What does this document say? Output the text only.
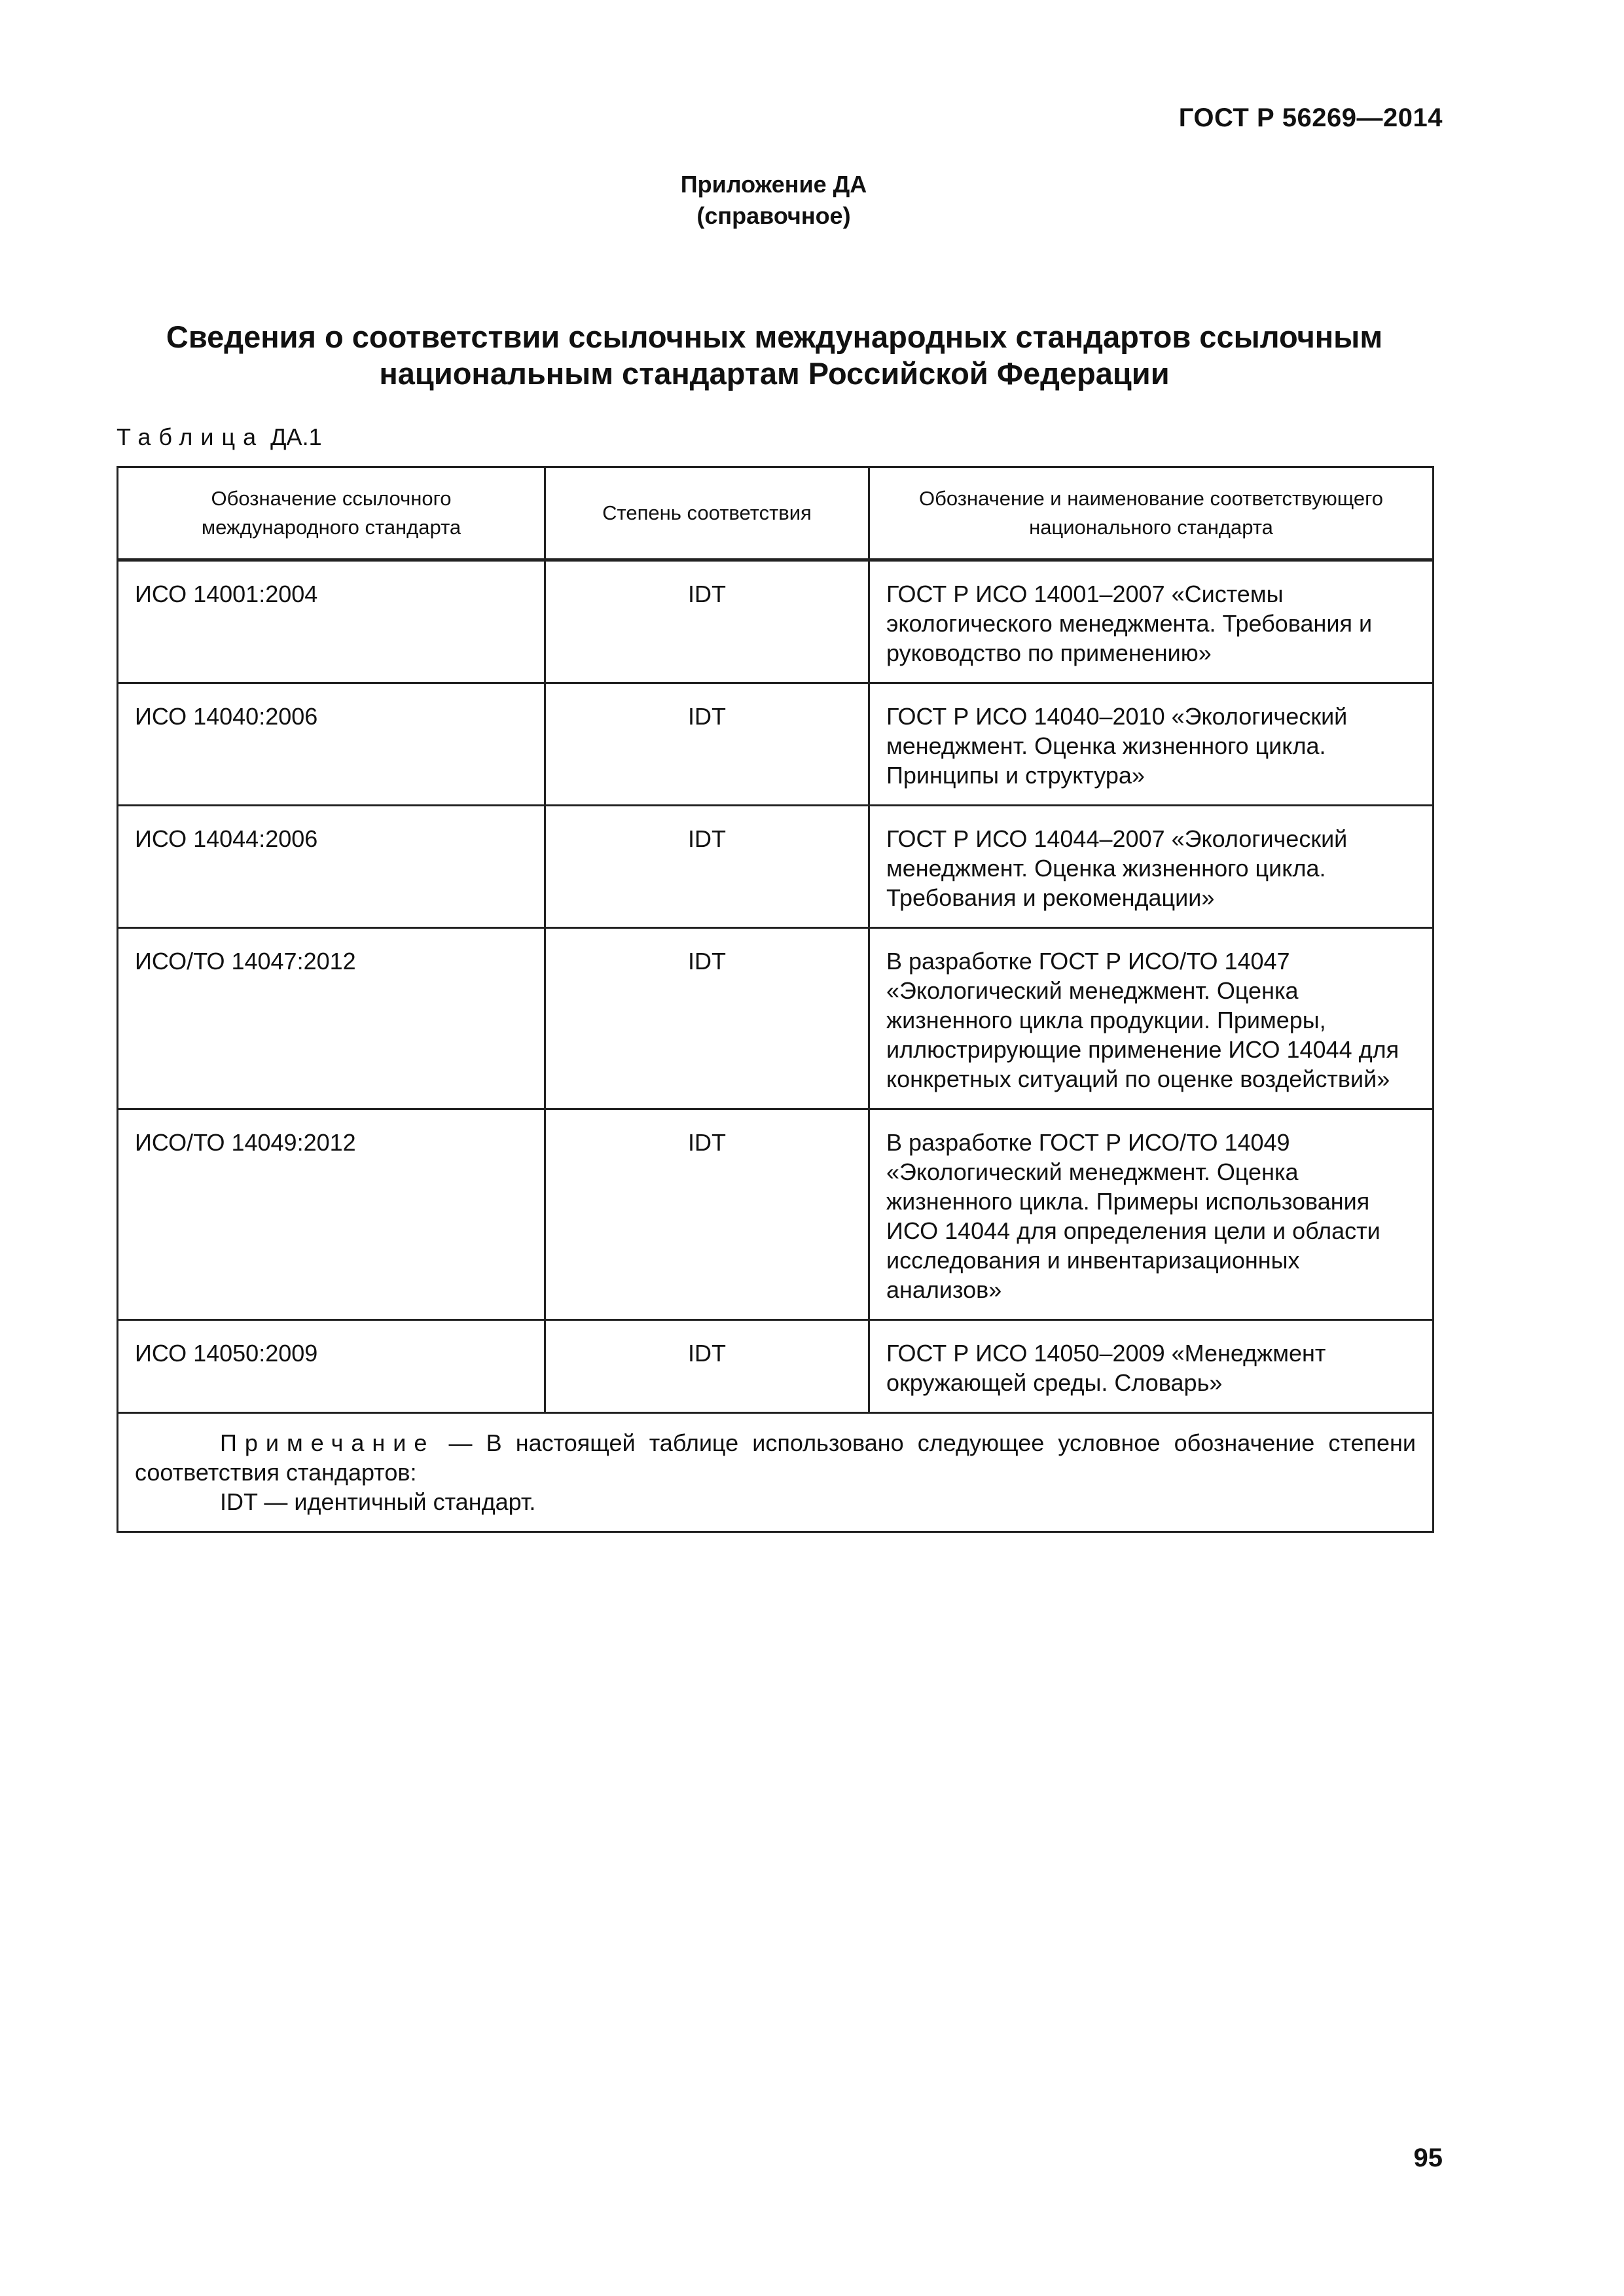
ГОСТ Р 56269—2014
Приложение ДА
(справочное)
Сведения о соответствии ссылочных международных стандартов ссылочным
национальным стандартам Российской Федерации
Таблица ДА.1
Обозначение ссылочного международного стандарта	Степень соответствия	Обозначение и наименование соответствующего национального стандарта
ИСО 14001:2004	IDT	ГОСТ Р ИСО 14001–2007 «Системы экологического менеджмента. Требования и руководство по применению»
ИСО 14040:2006	IDT	ГОСТ Р ИСО 14040–2010 «Экологический менеджмент. Оценка жизненного цикла. Принципы и структура»
ИСО 14044:2006	IDT	ГОСТ Р ИСО 14044–2007 «Экологический менеджмент. Оценка жизненного цикла. Требования и рекомендации»
ИСО/ТО 14047:2012	IDT	В разработке ГОСТ Р ИСО/ТО 14047 «Экологический менеджмент. Оценка жизненного цикла продукции. Примеры, иллюстрирующие применение ИСО 14044 для конкретных ситуаций по оценке воздействий»
ИСО/ТО 14049:2012	IDT	В разработке ГОСТ Р ИСО/ТО 14049 «Экологический менеджмент. Оценка жизненного цикла. Примеры использования ИСО 14044 для определения цели и области исследования и инвентаризационных анализов»
ИСО 14050:2009	IDT	ГОСТ Р ИСО 14050–2009 «Менеджмент окружающей среды. Словарь»

Примечание — В настоящей таблице использовано следующее условное обозначение степени соответствия стандартов:
IDT — идентичный стандарт.		
95
